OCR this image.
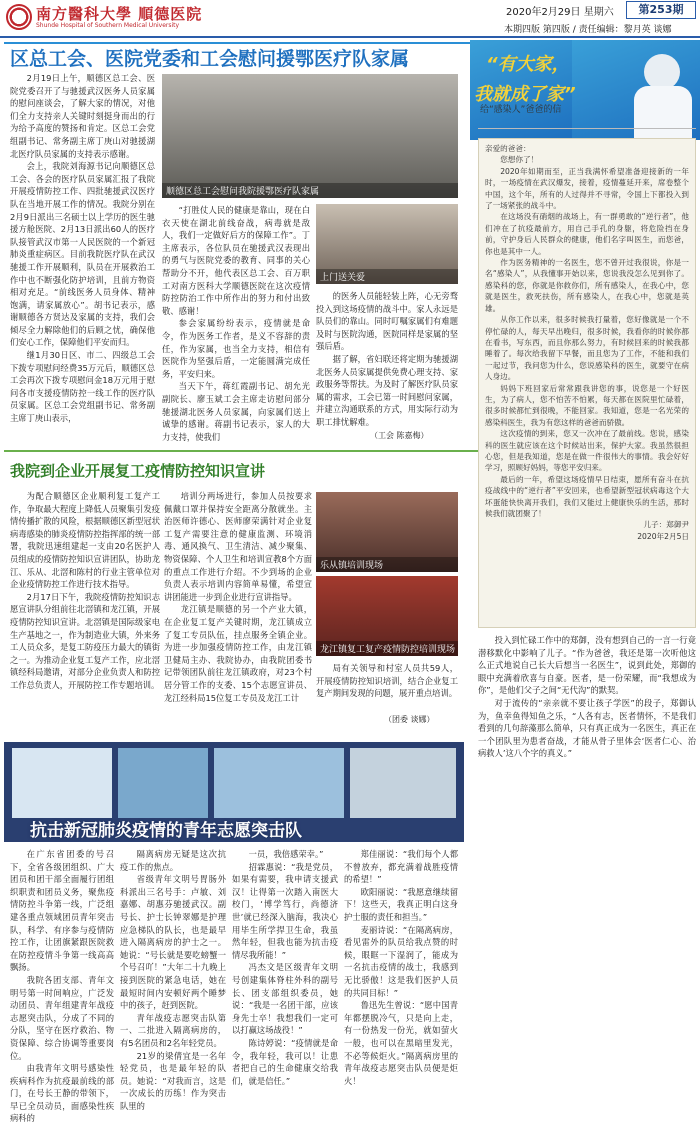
南方醫科大學 順德医院
Shunde Hospital of Southern Medical University
2020年2月29日 星期六	第253期
本期四版 第四版 / 责任编辑：黎月英 谈娜
区总工会、医院党委和工会慰问援鄂医疗队家属

2月19日上午，顺德区总工会、医院党委召开了与驰援武汉医务人员家属的慰问座谈会，了解大家的情况，对他们全力支持亲人关键时刻挺身而出的行为给予高度的赞扬和肯定。区总工会党组副书记、常务副主席丁庚山对驰援湖北医疗队员家属的支持表示感谢。

会上，我院刘海源书记向顺德区总工会、各会的医疗队员家属汇报了我院开展疫情防控工作、四批驰援武汉医疗队在当地开展工作的情况。我院分别在2月9日派出三名硕士以上学历的医生驰援方舱医院、2月13日派出60人的医疗队接管武汉市第一人民医院的一个新冠肺炎重症病区。目前我院医疗队在武汉驰援工作开展顺利，队员在开展救治工作中也不断强化防护培训，且前方物资相对充足。“前线医务人员身体、精神饱满，请家属放心”。胡书记表示，感谢顺德各方贤达及家属的支持，我们会倾尽全力解除他们的后顾之忧，确保他们安心工作，保障他们平安而归。

继1月30日区、市二、四级总工会下拨专项慰问经费35万元后，顺德区总工会再次下拨专项慰问金18万元用于慰问各市支援疫情防控一线工作的医疗队员家属。区总工会党组副书记、常务副主席丁庚山表示，

顺德区总工会慰问我院援鄂医疗队家属

“打胜仗人民的健康是靠山，现在白衣天使在湖北前线奋战，病毒就是敌人，我们一定做好后方的保障工作”。丁主席表示，各位队员在驰援武汉表现出的勇气与医院党委的教育、同事的关心帮助分不开，他代表区总工会、百万职工对南方医科大学顺德医院在这次疫情防控防治工作中所作出的努力和付出致敬、感谢！

参会家属纷纷表示，疫情就是命令，作为医务工作者，是义不容辞的责任，作为家属，也当全力支持，相信有医院作为坚强后盾，一定能圆满完成任务，平安归来。

当天下午，蒋红霞副书记、胡允光副院长、廖玉斌工会主席走访慰问部分驰援湖北医务人员家属，向家属们送上诚挚的感谢。蒋副书记表示，家人的大力支持，使我们

上门送关爱

的医务人员能轻装上阵，心无旁骛投入到这场疫情的战斗中。家人永远是队员们的靠山。同时叮嘱家属们有难题及时与医院沟通，医院同样是家属的坚强后盾。

据了解，省妇联还将定期为驰援湖北医务人员家属提供免费心理支持、家政服务等帮扶。为及时了解医疗队员家属的需求，工会已第一时间慰问家属，并建立沟通联系的方式，用实际行动为职工排忧解难。

（工会 陈嘉梅）
我院到企业开展复工疫情防控知识宣讲

为配合顺德区企业顺利复工复产工作，争取最大程度上降低人员聚集引发疫情传播扩散的风险，根据顺德区新型冠状病毒感染的肺炎疫情防控指挥部的统一部署，我院迅速组建起一支由20名医护人员组成的疫情防控知识宣讲团队，协助龙江、乐从、北滘和陈村的行业主管单位对企业疫情防控工作进行技术指导。

2月17日下午，我院疫情防控知识志愿宣讲队分组前往北滘镇和龙江镇，开展疫情防控知识宣讲。北滘镇是国际级家电生产基地之一，作为制造业大镇，外来务工人员众多，是复工防疫压力最大的镇街之一。为推动企业复工复产工作，应北滘镇经科局邀请，对部分企业负责人和防控工作总负责人，开展防控工作专题培训。

培训分两场进行，参加人员按要求佩戴口罩并保持安全距离分散就坐。主治医师许德心、医师廖荣满针对企业复工复产需要注意的健康监测、环境消毒、通风换气、卫生清洁、减少聚集、物资保障、个人卫生和培训宣教8个方面的重点工作进行介绍。不少到场的企业负责人表示培训内容简单易懂，希望宣讲团能进一步到企业进行宣讲指导。

龙江镇是顺德的另一个产业大镇，在企业复工复产关键时期，龙江镇成立了复工专员队伍，挂点服务全镇企业。为进一步加强疫情防控工作，由龙江镇卫健局主办、我院协办，由我院团委书记带领团队前往龙江镇政府，对23个村居分管工作的支委、15个志愿宣讲员、龙江经科局15位复工专员及龙江工计

乐从镇培训现场
龙江镇复工复产疫情防控培训现场

局有关领导和村室人员共59人，开展疫情防控知识培训，结合企业复工复产期间发现的问题，展开重点培训。

（团委 谈娜）
抗击新冠肺炎疫情的青年志愿突击队

在广东省团委的号召下，全省各级团组织、广大团员和团干部全面履行团组织职责和团员义务，聚焦疫情防控斗争第一线，广泛组建各重点领域团员青年突击队，科学、有序参与疫情防控工作，让团旗紧跟医院救在防控疫情斗争第一线高高飘扬。

我院各团支部、青年文明号第一时间响应，广泛发动团员、青年组建青年战疫志愿突击队，分成了不同的分队，坚守在医疗救治、物资保障、综合协调等重要岗位。

由我青年文明号感染性疾病科作为抗疫最前线的部门，在号长王静的带领下，早已全员动员，面感染性疾病科的

隔离病房无疑是这次抗疫工作的焦点。

省级青年文明号胃肠外科派出三名号手：卢敏、刘嘉娜、胡惠芬驰援武汉。副号长、护士长钟翠娜是护理应急梯队的队长，也是最早进入隔离病房的护士之一。她说：“号长就是要吃螃蟹一个号召吖！”大年二十九晚上接到医院的紧急电话，她在最短时间内安顿好两个睡梦中的孩子，赶到医院。

青年战疫志愿突击队第一、二批进入隔离病房的，有5名团员和2名年轻党员。

21岁的梁倩宜是一名年轻党员，也是最年轻的队员。她说：“对我而言，这是一次成长的历练！作为突击队里的

一员，我倍感荣幸。”

招霖惠说：“我是党员，如果有需要，我申请支援武汉！让得第一次踏入南医大校门，‘博学笃行，尚德济世’就已经深入脑海，我决心用毕生所学捍卫生命，我虽然年轻，但我也能为抗击疫情尽我所能！”

冯杰文是区级青年文明号创建集体脊柱外科的副号长、团支部组织委员，她说：“我是一名团干部，应该身先士卒！我想我们一定可以打赢这场战役！”

陈诗婷说：“疫情就是命令，我年轻，我可以！让患者把自己的生命健康交给我们，就是信任。”

郑佳丽说：“我们每个人都不曾放弃，都充满着战胜疫情的希望！”

欧阳丽说：“我愿意继续留下！这些天，我真正明白这身护士服的责任和担当。”

麦丽诗说：“在隔离病房，看见雷外的队员给我点赞的时候，眼眶一下湿润了，能成为一名抗击疫情的战士，我感到无比骄傲！这是我们医护人员的共同目标！”

鲁迅先生曾说：“愿中国青年都摆脱冷气，只是向上走，有一份热发一份光，就如萤火一般，也可以在黑暗里发光，不必等候炬火。”隔离病房里的青年战疫志愿突击队员便是炬火！

“有大家，
我就成了家”
给“感染人”爸爸的信
亲爱的爸爸：

您想你了！

2020年如期而至，正当我满怀希望准备迎接新的一年时，一场疫情在武汉爆发，接着，疫情蔓延开来，席卷整个中国，这个年，所有的人过得并不寻常，令国上下都投入到了一场紧张的战斗中。

在这场没有硝烟的战场上，有一群勇敢的“逆行者”，他们冲在了抗疫最前方，用自己手孔的身躯，将危险挡在身前，守护身后人民群众的健康，他们名字叫医生，而您爸，你也是其中一人。

作为医务精神的一名医生，您不曾开过我很说，你是一名“感染人”，从我懂事开始以来，您说我没怎么见到你了。感染科的您，你就是你救你们，所有感染人，在我心中，您就是医生，救死扶伤，所有感染人，在我心中，您就是英雄。

从你工作以来，很多时候我打量着，您好像就是一个不停忙碌的人，每天早出晚归，很多时候，我看你的时候你都在看书，写东西，而且你那么努力，有时候回来的时候我都睡着了。每次给我留下早餐，而且您为了工作，不能和我们一起过节，我问您为什么，您说感染科的医生，就要守在病人身边。

妈妈下班回家后常常跟我讲您的事，说您是一个好医生，为了病人，您不怕苦不怕累，每天都在医院里忙碌着，很多时候都忙到很晚，不能回家。我知道，您是一名光荣的感染科医生，我为有您这样的爸爸而骄傲。

这次疫情的到来，您又一次冲在了最前线。您说，感染科的医生就应该在这个时候站出来，保护大家。我虽然很担心您，但是我知道，您是在做一件很伟大的事情。我会好好学习，照顾好妈妈，等您平安归来。

最后的一年，希望这场疫情早日结束，愿所有奋斗在抗疫战线中的“逆行者”平安回来，也希望新型冠状病毒这个大坏蛋能快快离开我们，我们又能过上健康快乐的生活，那时候我们就团聚了！

儿子：郑御尹
2020年2月5日

投入到忙碌工作中的郑御，没有想到自己的一言一行竟潜移默化中影响了儿子。“作为爸爸，我还是第一次听他这么正式地说自己长大后想当一名医生”，说到此处，郑御的眼中充满着欣喜与自豪。医者，是一份荣耀，而“我想成为你”，是他们父子之间“无代沟”的默契。

对于流传的“亲亲就不要让孩子学医”的段子，郑御认为，鱼幸鱼得知鱼之乐，“人各有志，医者情怀，不是我们看到的几句辞藻那么简单，只有真正成为一名医生，真正在一个团队里为患者奋战，才能从骨子里体会‘医者仁心、治病救人’这八个字的真义。”
